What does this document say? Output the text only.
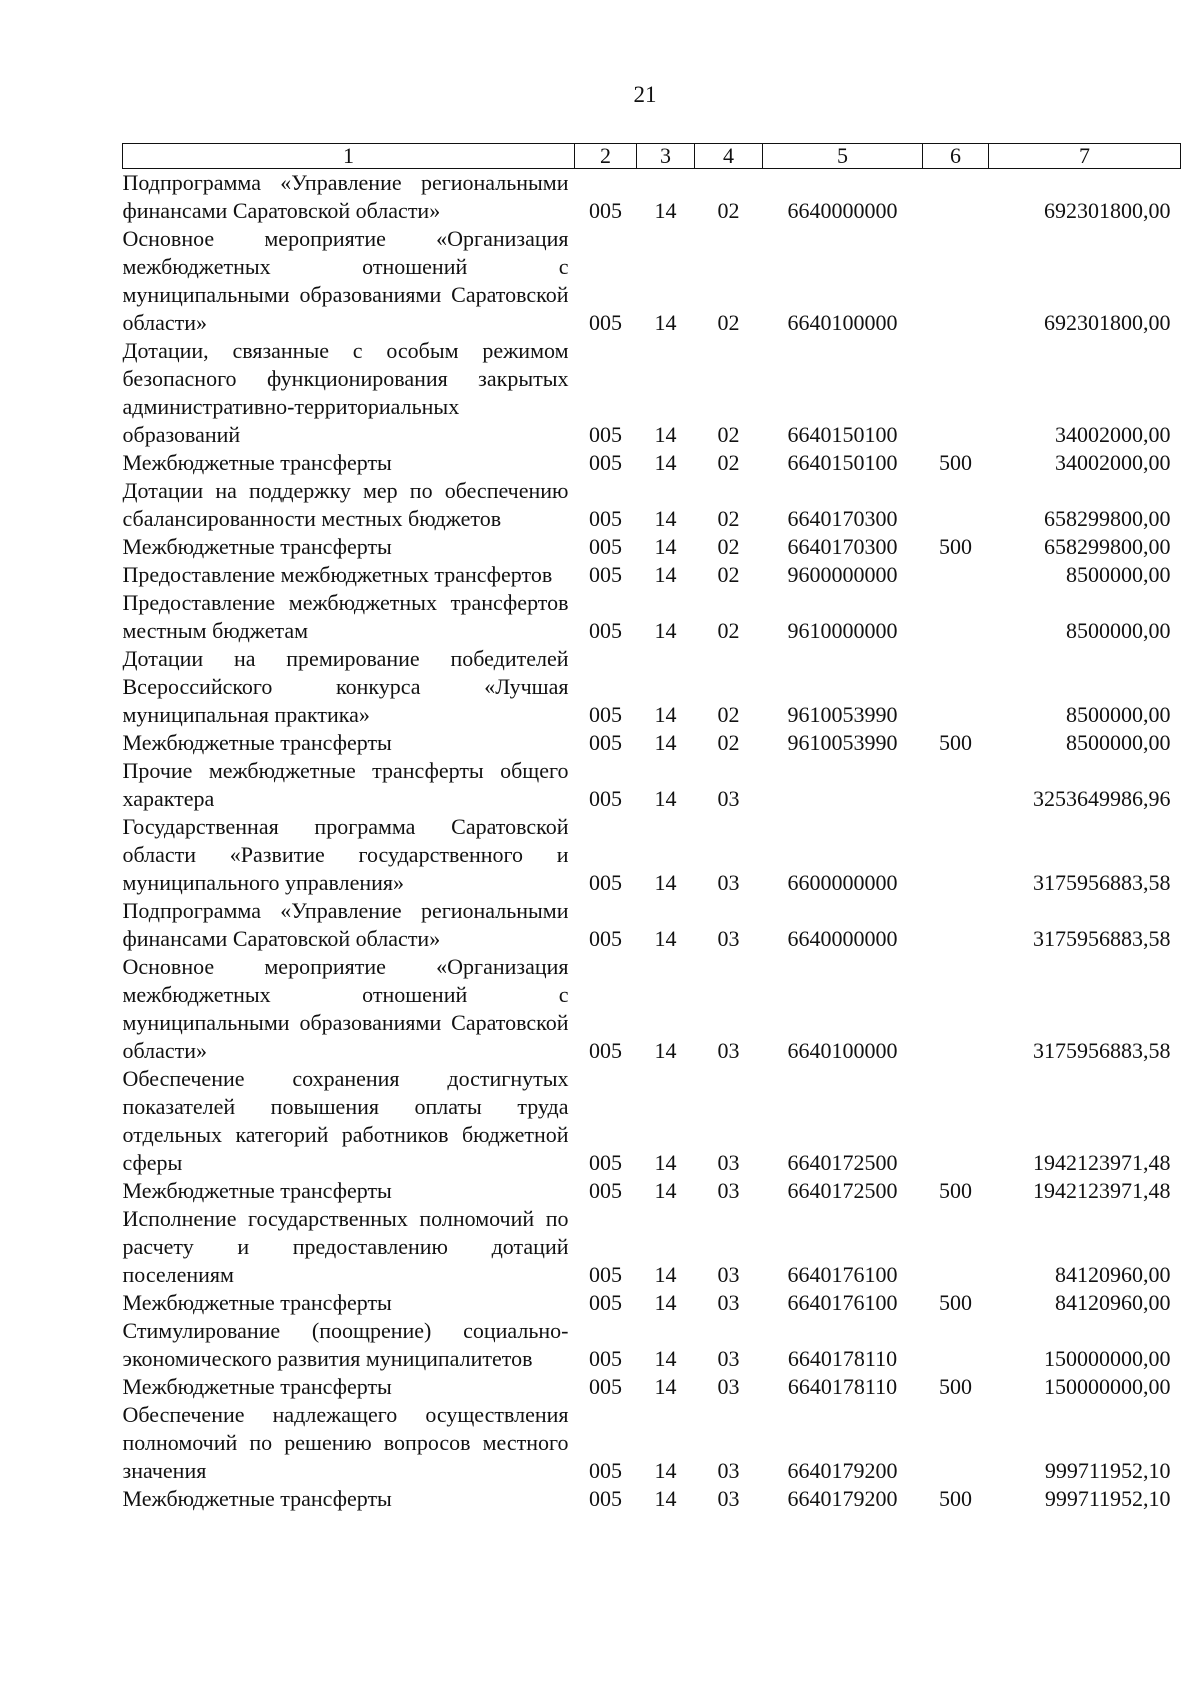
21
1	2	3	4	5	6	7
Подпрограмма «Управление региональными финансами Саратовской области»	005	14	02	6640000000		692301800,00
Основное мероприятие «Организация межбюджетных отношений с муниципальными образованиями Саратовской области»	005	14	02	6640100000		692301800,00
Дотации, связанные с особым режимом безопасного функционирования закрытых административно-территориальных образований	005	14	02	6640150100		34002000,00
Межбюджетные трансферты	005	14	02	6640150100	500	34002000,00
Дотации на поддержку мер по обеспечению сбалансированности местных бюджетов	005	14	02	6640170300		658299800,00
Межбюджетные трансферты	005	14	02	6640170300	500	658299800,00
Предоставление межбюджетных трансфертов	005	14	02	9600000000		8500000,00
Предоставление межбюджетных трансфертов местным бюджетам	005	14	02	9610000000		8500000,00
Дотации на премирование победителей Всероссийского конкурса «Лучшая муниципальная практика»	005	14	02	9610053990		8500000,00
Межбюджетные трансферты	005	14	02	9610053990	500	8500000,00
Прочие межбюджетные трансферты общего характера	005	14	03			3253649986,96
Государственная программа Саратовской области «Развитие государственного и муниципального управления»	005	14	03	6600000000		3175956883,58
Подпрограмма «Управление региональными финансами Саратовской области»	005	14	03	6640000000		3175956883,58
Основное мероприятие «Организация межбюджетных отношений с муниципальными образованиями Саратовской области»	005	14	03	6640100000		3175956883,58
Обеспечение сохранения достигнутых показателей повышения оплаты труда отдельных категорий работников бюджетной сферы	005	14	03	6640172500		1942123971,48
Межбюджетные трансферты	005	14	03	6640172500	500	1942123971,48
Исполнение государственных полномочий по расчету и предоставлению дотаций поселениям	005	14	03	6640176100		84120960,00
Межбюджетные трансферты	005	14	03	6640176100	500	84120960,00
Стимулирование (поощрение) социально-экономического развития муниципалитетов	005	14	03	6640178110		150000000,00
Межбюджетные трансферты	005	14	03	6640178110	500	150000000,00
Обеспечение надлежащего осуществления полномочий по решению вопросов местного значения	005	14	03	6640179200		999711952,10
Межбюджетные трансферты	005	14	03	6640179200	500	999711952,10
